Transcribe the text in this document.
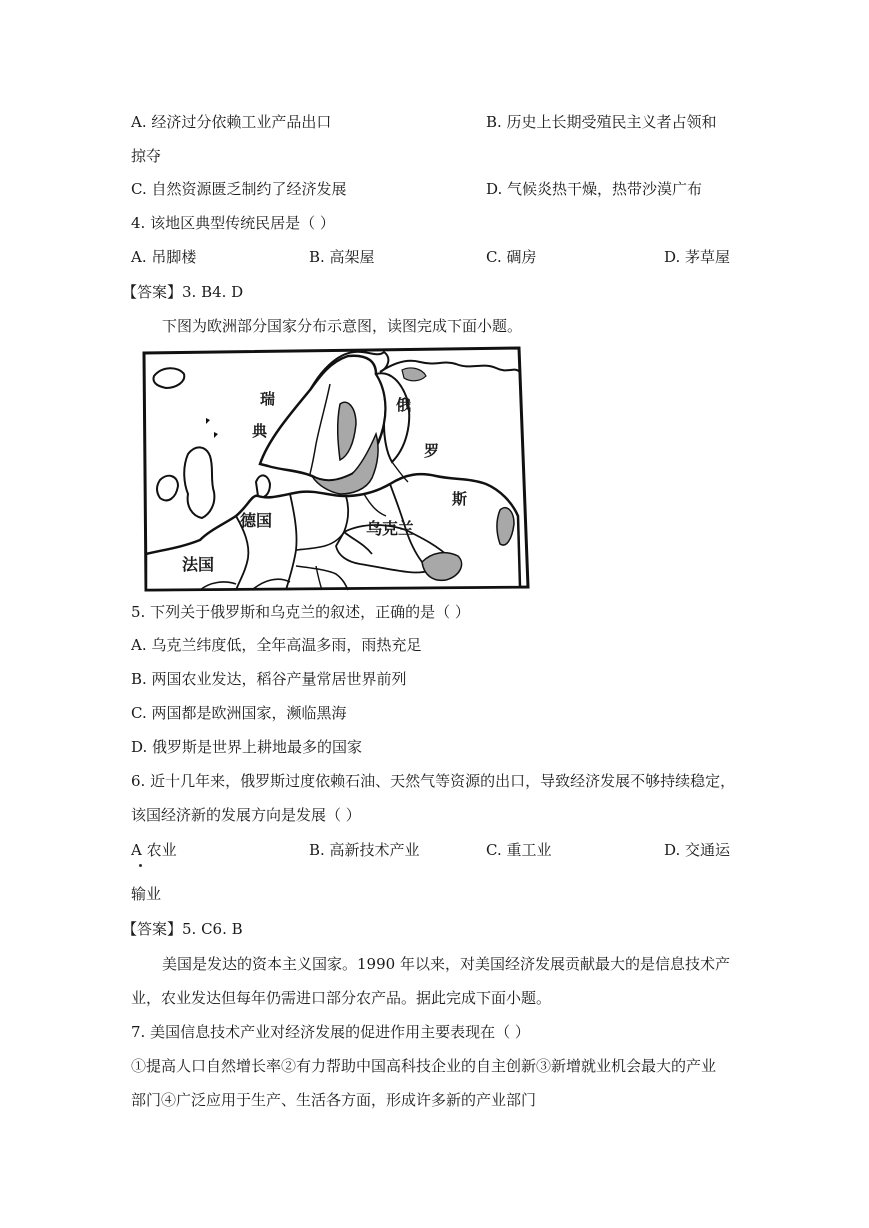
A. 经济过分依赖工业产品出口	B. 历史上长期受殖民主义者占领和
掠夺
C. 自然资源匮乏制约了经济发展	D. 气候炎热干燥，热带沙漠广布
4. 该地区典型传统民居是（ ）
A. 吊脚楼	B. 高架屋	C. 碉房	D. 茅草屋
【答案】3. B4. D
下图为欧洲部分国家分布示意图，读图完成下面小题。
瑞
典
俄
罗
斯
德国	乌克兰
法国
5. 下列关于俄罗斯和乌克兰的叙述，正确的是（ ）
A. 乌克兰纬度低，全年高温多雨，雨热充足
B. 两国农业发达，稻谷产量常居世界前列
C. 两国都是欧洲国家，濒临黑海
D. 俄罗斯是世界上耕地最多的国家
6. 近十几年来，俄罗斯过度依赖石油、天然气等资源的出口，导致经济发展不够持续稳定，
该国经济新的发展方向是发展（ ）
A 农业	B. 高新技术产业	C. 重工业	D. 交通运
输业
【答案】5. C6. B
美国是发达的资本主义国家。1990 年以来，对美国经济发展贡献最大的是信息技术产
业，农业发达但每年仍需进口部分农产品。据此完成下面小题。
7. 美国信息技术产业对经济发展的促进作用主要表现在（ ）
①提高人口自然增长率②有力帮助中国高科技企业的自主创新③新增就业机会最大的产业
部门④广泛应用于生产、生活各方面，形成许多新的产业部门
